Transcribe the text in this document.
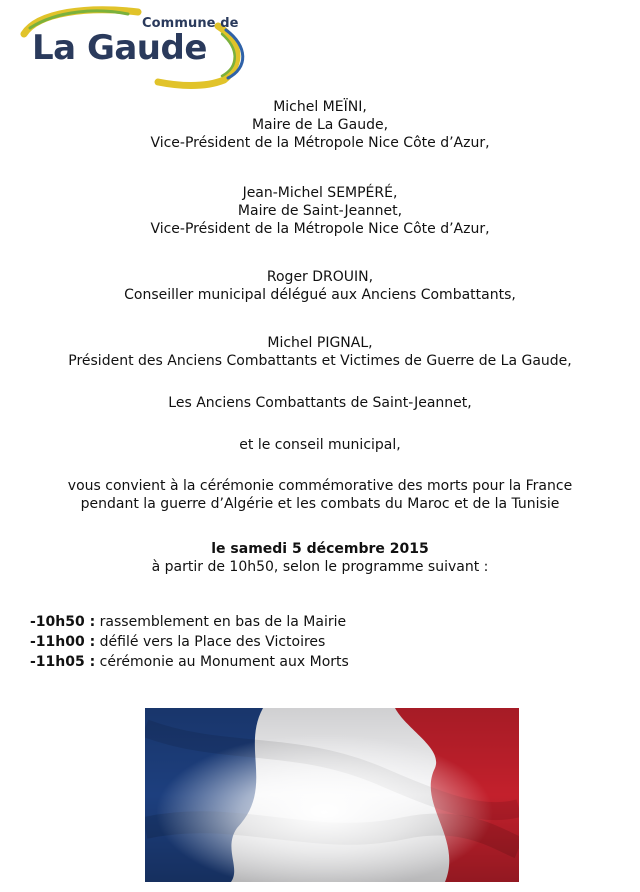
Commune de
La Gaude
Michel MEÏNI,
Maire de La Gaude,
Vice-Président de la Métropole Nice Côte d’Azur,
Jean-Michel SEMPÉRÉ,
Maire de Saint-Jeannet,
Vice-Président de la Métropole Nice Côte d’Azur,
Roger DROUIN,
Conseiller municipal délégué aux Anciens Combattants,
Michel PIGNAL,
Président des Anciens Combattants et Victimes de Guerre de La Gaude,
Les Anciens Combattants de Saint-Jeannet,
et le conseil municipal,
vous convient à la cérémonie commémorative des morts pour la France
pendant la guerre d’Algérie et les combats du Maroc et de la Tunisie
le samedi 5 décembre 2015
à partir de 10h50, selon le programme suivant :
-10h50 : rassemblement en bas de la Mairie
-11h00 : défilé vers la Place des Victoires
-11h05 : cérémonie au Monument aux Morts
